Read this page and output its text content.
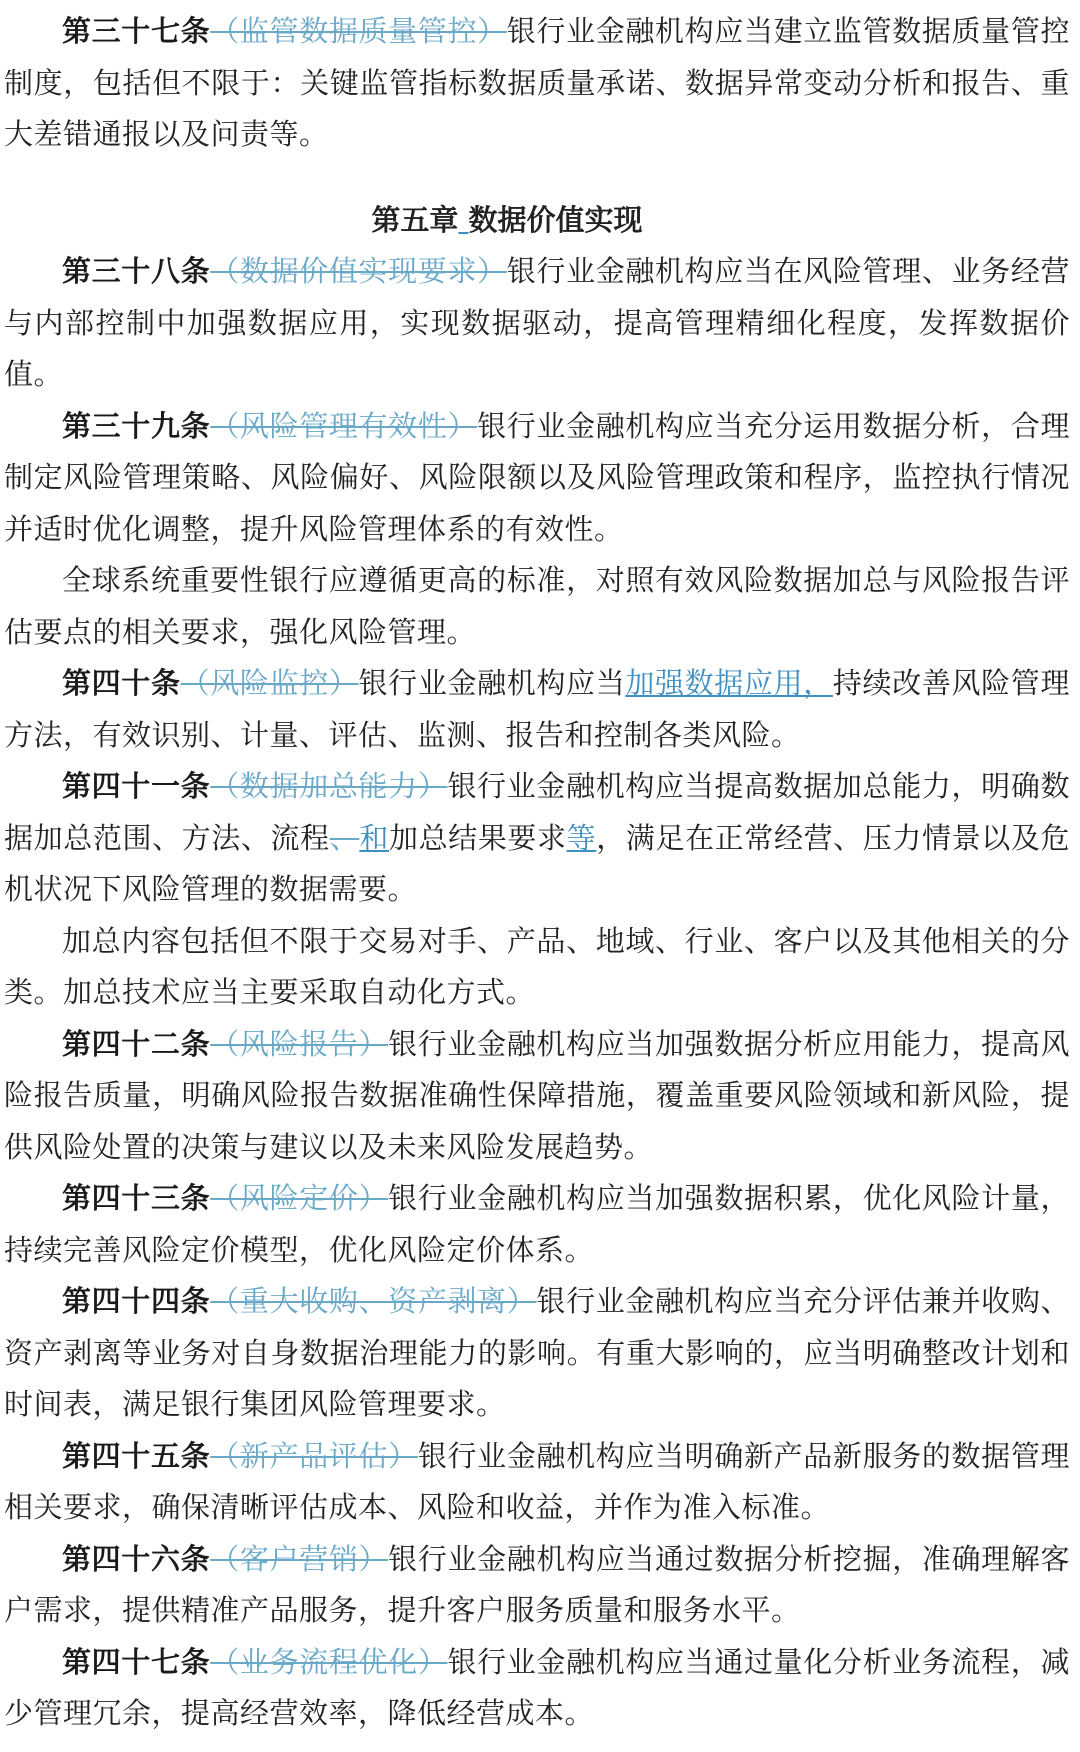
第三十七条（监管数据质量管控）银行业金融机构应当建立监管数据质量管控制度，包括但不限于：关键监管指标数据质量承诺、数据异常变动分析和报告、重大差错通报以及问责等。

第五章 数据价值实现

第三十八条（数据价值实现要求）银行业金融机构应当在风险管理、业务经营与内部控制中加强数据应用，实现数据驱动，提高管理精细化程度，发挥数据价值。

第三十九条（风险管理有效性）银行业金融机构应当充分运用数据分析，合理制定风险管理策略、风险偏好、风险限额以及风险管理政策和程序，监控执行情况并适时优化调整，提升风险管理体系的有效性。

全球系统重要性银行应遵循更高的标准，对照有效风险数据加总与风险报告评估要点的相关要求，强化风险管理。

第四十条（风险监控）银行业金融机构应当加强数据应用，持续改善风险管理方法，有效识别、计量、评估、监测、报告和控制各类风险。

第四十一条（数据加总能力）银行业金融机构应当提高数据加总能力，明确数据加总范围、方法、流程、和加总结果要求等，满足在正常经营、压力情景以及危机状况下风险管理的数据需要。

加总内容包括但不限于交易对手、产品、地域、行业、客户以及其他相关的分类。加总技术应当主要采取自动化方式。

第四十二条（风险报告）银行业金融机构应当加强数据分析应用能力，提高风险报告质量，明确风险报告数据准确性保障措施，覆盖重要风险领域和新风险，提供风险处置的决策与建议以及未来风险发展趋势。

第四十三条（风险定价）银行业金融机构应当加强数据积累，优化风险计量，持续完善风险定价模型，优化风险定价体系。

第四十四条（重大收购、资产剥离）银行业金融机构应当充分评估兼并收购、资产剥离等业务对自身数据治理能力的影响。有重大影响的，应当明确整改计划和时间表，满足银行集团风险管理要求。

第四十五条（新产品评估）银行业金融机构应当明确新产品新服务的数据管理相关要求，确保清晰评估成本、风险和收益，并作为准入标准。

第四十六条（客户营销）银行业金融机构应当通过数据分析挖掘，准确理解客户需求，提供精准产品服务，提升客户服务质量和服务水平。

第四十七条（业务流程优化）银行业金融机构应当通过量化分析业务流程，减少管理冗余，提高经营效率，降低经营成本。
